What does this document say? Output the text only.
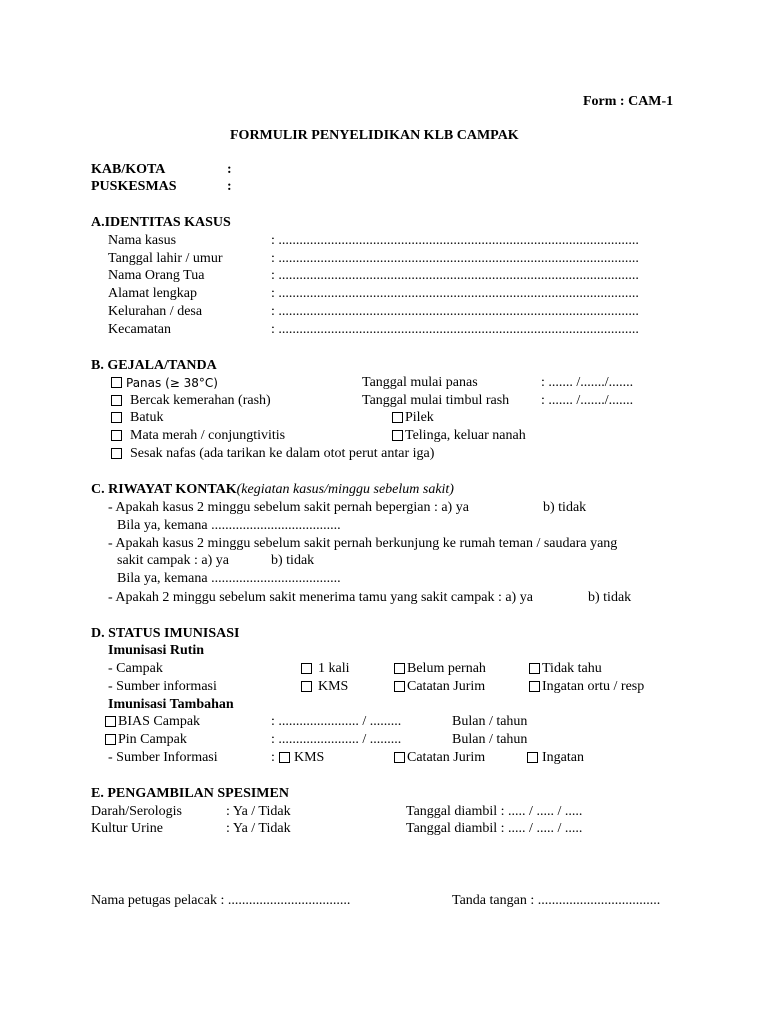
Form : CAM-1
FORMULIR PENYELIDIKAN KLB CAMPAK
KAB/KOTA	:
PUSKESMAS	:
A.IDENTITAS KASUS
Nama kasus	: .......................................................................................................
Tanggal lahir / umur	: .......................................................................................................
Nama Orang Tua	: .......................................................................................................
Alamat lengkap	: .......................................................................................................
Kelurahan / desa	: .......................................................................................................
Kecamatan	: .......................................................................................................
B. GEJALA/TANDA
Panas (≥ 38°C)	Tanggal mulai panas	: ....... /......./.......
Bercak kemerahan (rash)	Tanggal mulai timbul rash : ....... /......./.......
Batuk	Pilek
Mata merah / conjungtivitis	Telinga, keluar nanah
Sesak nafas (ada tarikan ke dalam otot perut antar iga)
C. RIWAYAT KONTAK(kegiatan kasus/minggu sebelum sakit)
- Apakah kasus 2 minggu sebelum sakit pernah bepergian : a) ya	b) tidak
Bila ya, kemana .....................................
- Apakah kasus 2 minggu sebelum sakit pernah berkunjung ke rumah teman / saudara yang
sakit campak : a) ya	b) tidak
Bila ya, kemana .....................................
- Apakah 2 minggu sebelum sakit menerima tamu yang sakit campak : a) ya	b) tidak
D. STATUS IMUNISASI
Imunisasi Rutin
- Campak	1 kali	Belum pernah	Tidak tahu
- Sumber informasi	KMS	Catatan Jurim	Ingatan ortu / resp
Imunisasi Tambahan
BIAS Campak	: ....................... / .........	Bulan / tahun
Pin Campak	: ....................... / .........	Bulan / tahun
- Sumber Informasi	: KMS	Catatan Jurim	Ingatan
E. PENGAMBILAN SPESIMEN
Darah/Serologis	: Ya / Tidak	Tanggal diambil : ..... / ..... / .....
Kultur Urine	: Ya / Tidak	Tanggal diambil : ..... / ..... / .....
Nama petugas pelacak : ...................................	Tanda tangan : ...................................
